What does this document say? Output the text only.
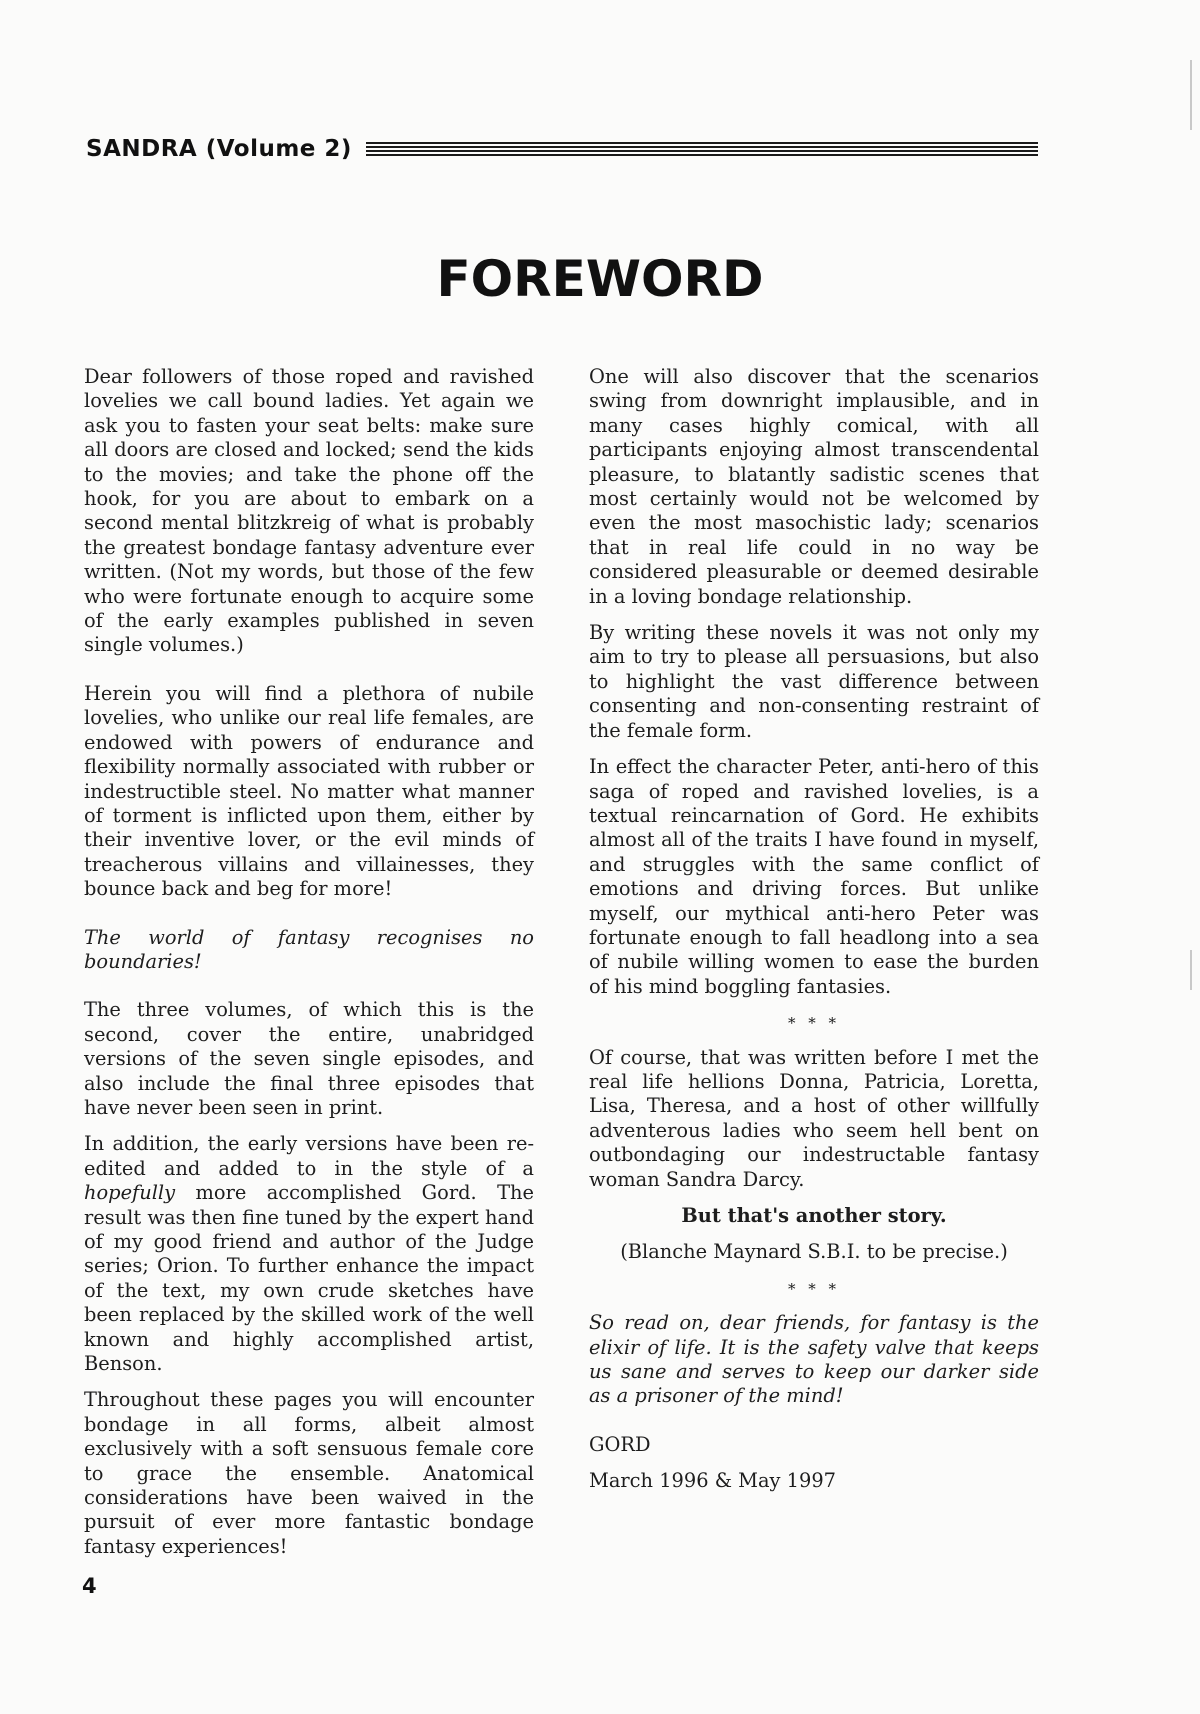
SANDRA (Volume 2)
FOREWORD

Dear followers of those roped and ravished lovelies we call bound ladies. Yet again we ask you to fasten your seat belts: make sure all doors are closed and locked; send the kids to the movies; and take the phone off the hook, for you are about to embark on a second mental blitzkreig of what is probably the greatest bondage fantasy adventure ever written. (Not my words, but those of the few who were fortunate enough to acquire some of the early examples published in seven single volumes.)

Herein you will find a plethora of nubile lovelies, who unlike our real life females, are endowed with powers of endurance and flexibility normally associated with rubber or indestructible steel. No matter what manner of torment is inflicted upon them, either by their inventive lover, or the evil minds of treacherous villains and villainesses, they bounce back and beg for more!

The world of fantasy recognises no boundaries!

The three volumes, of which this is the second, cover the entire, unabridged versions of the seven single episodes, and also include the final three episodes that have never been seen in print.

In addition, the early versions have been re-edited and added to in the style of a hopefully more accomplished Gord. The result was then fine tuned by the expert hand of my good friend and author of the Judge series; Orion. To further enhance the impact of the text, my own crude sketches have been replaced by the skilled work of the well known and highly accomplished artist, Benson.

Throughout these pages you will encounter bondage in all forms, albeit almost exclusively with a soft sensuous female core to grace the ensemble. Anatomical considerations have been waived in the pursuit of ever more fantastic bondage fantasy experiences!

One will also discover that the scenarios swing from downright implausible, and in many cases highly comical, with all participants enjoying almost transcendental pleasure, to blatantly sadistic scenes that most certainly would not be welcomed by even the most masochistic lady; scenarios that in real life could in no way be considered pleasurable or deemed desirable in a loving bondage relationship.

By writing these novels it was not only my aim to try to please all persuasions, but also to highlight the vast difference between consenting and non-consenting restraint of the female form.

In effect the character Peter, anti-hero of this saga of roped and ravished lovelies, is a textual reincarnation of Gord. He exhibits almost all of the traits I have found in myself, and struggles with the same conflict of emotions and driving forces. But unlike myself, our mythical anti-hero Peter was fortunate enough to fall headlong into a sea of nubile willing women to ease the burden of his mind boggling fantasies.

* * *

Of course, that was written before I met the real life hellions Donna, Patricia, Loretta, Lisa, Theresa, and a host of other willfully adventerous ladies who seem hell bent on outbondaging our indestructable fantasy woman Sandra Darcy.

But that's another story.

(Blanche Maynard S.B.I. to be precise.)

* * *

So read on, dear friends, for fantasy is the elixir of life. It is the safety valve that keeps us sane and serves to keep our darker side as a prisoner of the mind!

GORD

March 1996 & May 1997

4
